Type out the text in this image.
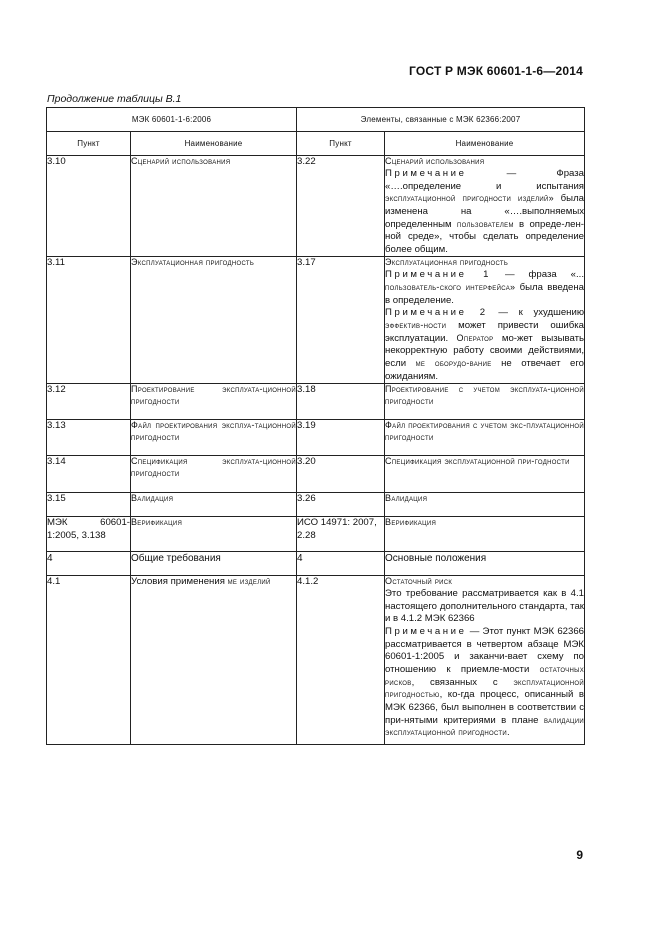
ГОСТ Р МЭК 60601-1-6—2014
Продолжение таблицы В.1
МЭК 60601-1-6:2006		Элементы, связанные с МЭК 62366:2007	
Пункт	Наименование	Пункт	Наименование
3.10	Сценарий использования	3.22	Сценарий использования
Примечание — Фраза «….определение и испытания эксплуатационной пригодности изделий» была изменена на «….выполняемых определенным пользователем в опреде-лен-ной среде», чтобы сделать определение более общим.

3.11	Эксплуатационная пригодность	3.17	Эксплуатационная пригодность
Примечание 1 — фраза «... пользователь-ского интерфейса» была введена в определение.
Примечание 2 — к ухудшению эффектив-ности может привести ошибка эксплуатации. Оператор мо-жет вызывать некорректную работу своими действиями, если ме оборудо-вание не отвечает его ожиданиям.

3.12	Проектирование эксплуата-ционной пригодности	3.18	Проектирование с учетом эксплуата-ционной пригодности
3.13	Файл проектирования эксплуа-тационной пригодности	3.19	Файл проектирования с учетом экс-плуатационной пригодности
3.14	Спецификация эксплуата-ционной пригодности	3.20	Спецификация эксплуатационной при-годности
3.15	Валидация	3.26	Валидация
МЭК 60601-1:2005, 3.138	Верификация	ИСО 14971: 2007, 2.28	Верификация
4	Общие требования	4	Основные положения
4.1	Условия применения ме изделий	4.1.2	Остаточный риск
Это требование рассматривается как в 4.1 настоящего дополнительного стандарта, так и в 4.1.2 МЭК 62366
Примечание — Этот пункт МЭК 62366 рассматривается в четвертом абзаце МЭК 60601-1:2005 и заканчи-вает схему по отношению к приемле-мости остаточных рисков, связанных с эксплуатационной пригодностью, ко-гда процесс, описанный в МЭК 62366, был выполнен в соответствии с при-нятыми критериями в плане валидации эксплуатационной пригодности.
9
